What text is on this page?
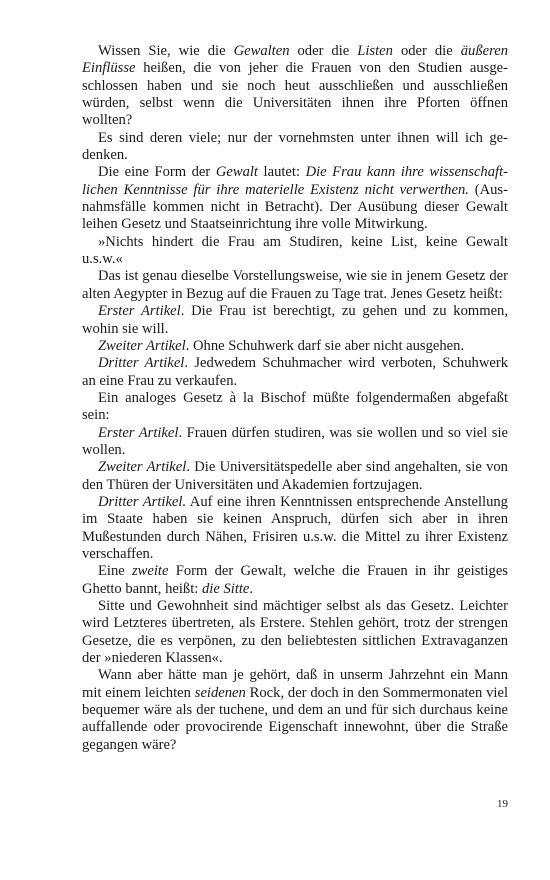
Wissen Sie, wie die Gewalten oder die Listen oder die äußeren Einflüsse heißen, die von jeher die Frauen von den Studien ausgeschlossen haben und sie noch heut ausschließen und ausschließen würden, selbst wenn die Universitäten ihnen ihre Pforten öffnen wollten?

Es sind deren viele; nur der vornehmsten unter ihnen will ich gedenken.

Die eine Form der Gewalt lautet: Die Frau kann ihre wissenschaftlichen Kenntnisse für ihre materielle Existenz nicht verwerthen. (Ausnahmsfälle kommen nicht in Betracht). Der Ausübung dieser Gewalt leihen Gesetz und Staatseinrichtung ihre volle Mitwirkung.

»Nichts hindert die Frau am Studiren, keine List, keine Gewalt u.s.w.«

Das ist genau dieselbe Vorstellungsweise, wie sie in jenem Gesetz der alten Aegypter in Bezug auf die Frauen zu Tage trat. Jenes Gesetz heißt:

Erster Artikel. Die Frau ist berechtigt, zu gehen und zu kommen, wohin sie will.

Zweiter Artikel. Ohne Schuhwerk darf sie aber nicht ausgehen.

Dritter Artikel. Jedwedem Schuhmacher wird verboten, Schuhwerk an eine Frau zu verkaufen.

Ein analoges Gesetz à la Bischof müßte folgendermaßen abgefaßt sein:

Erster Artikel. Frauen dürfen studiren, was sie wollen und so viel sie wollen.

Zweiter Artikel. Die Universitätspedelle aber sind angehalten, sie von den Thüren der Universitäten und Akademien fortzujagen.

Dritter Artikel. Auf eine ihren Kenntnissen entsprechende Anstellung im Staate haben sie keinen Anspruch, dürfen sich aber in ihren Mußestunden durch Nähen, Frisiren u.s.w. die Mittel zu ihrer Existenz verschaffen.

Eine zweite Form der Gewalt, welche die Frauen in ihr geistiges Ghetto bannt, heißt: die Sitte.

Sitte und Gewohnheit sind mächtiger selbst als das Gesetz. Leichter wird Letzteres übertreten, als Erstere. Stehlen gehört, trotz der strengen Gesetze, die es verpönen, zu den beliebtesten sittlichen Extravaganzen der »niederen Klassen«.

Wann aber hätte man je gehört, daß in unserm Jahrzehnt ein Mann mit einem leichten seidenen Rock, der doch in den Sommermonaten viel bequemer wäre als der tuchene, und dem an und für sich durchaus keine auffallende oder provocirende Eigenschaft innewohnt, über die Straße gegangen wäre?

19
